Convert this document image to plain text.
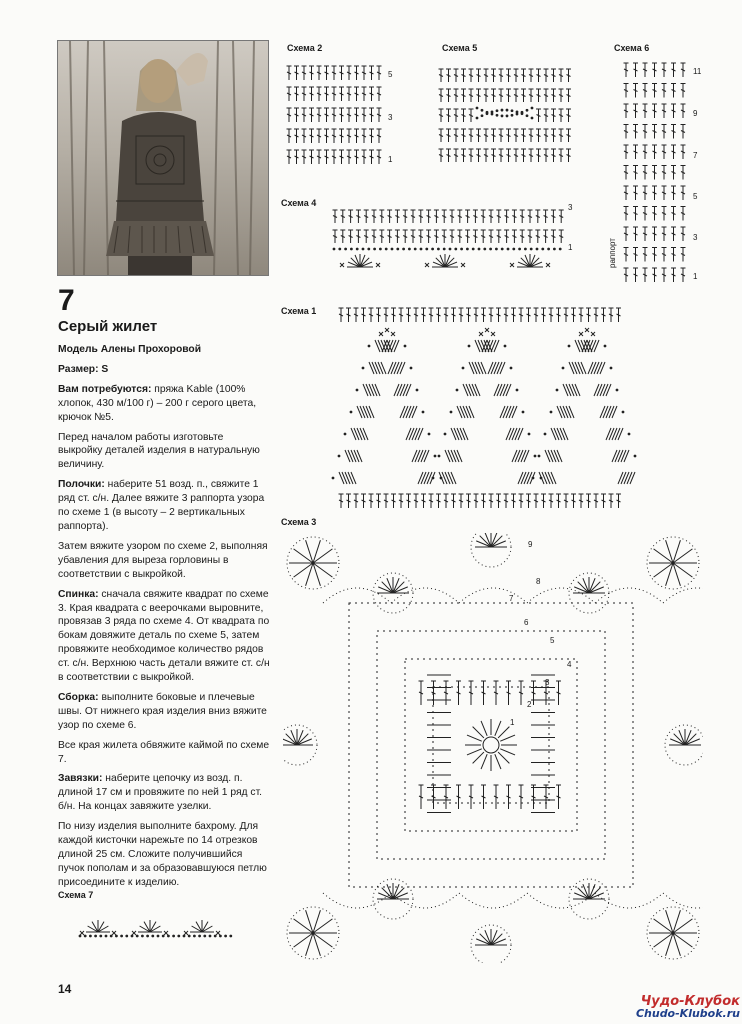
7
Серый жилет

Модель Алены Прохоровой

Размер: S

Вам потребуются: пряжа Kable (100% хлопок, 430 м/100 г) – 200 г серого цвета, крючок №5.

Перед началом работы изготовьте выкройку деталей изделия в натуральную величину.

Полочки: наберите 51 возд. п., свяжите 1 ряд ст. с/н. Далее вяжите 3 раппорта узора по схеме 1 (в высоту – 2 вертикальных раппорта).

Затем вяжите узором по схеме 2, выполняя убавления для выреза горловины в соответствии с выкройкой.

Спинка: сначала свяжите квадрат по схеме 3. Края квадрата с веерочками выровните, провязав 3 ряда по схеме 4. От квадрата по бокам довяжите деталь по схеме 5, затем провяжите необходимое количество рядов ст. с/н. Верхнюю часть детали вяжите ст. с/н в соответствии с выкройкой.

Сборка: выполните боковые и плечевые швы. От нижнего края изделия вниз вяжите узор по схеме 6.

Все края жилета обвяжите каймой по схеме 7.

Завязки: наберите цепочку из возд. п. длиной 17 см и провяжите по ней 1 ряд ст. б/н. На концах завяжите узелки.

По низу изделия выполните бахрому. Для каждой кисточки нарежьте по 14 отрезков длиной 25 см. Сложите получившийся пучок пополам и за образовавшуюся петлю присоедините к изделию.

Схема 2	Схема 5	Схема 6
Схема 4
Схема 1
Схема 3
Схема 7
5
3
1
11
9
7
5
3
1
раппорт
3
1
9
8
7
6
5
4
3
2
1
14
Чудо-Клубок
Chudo-Klubok.ru
